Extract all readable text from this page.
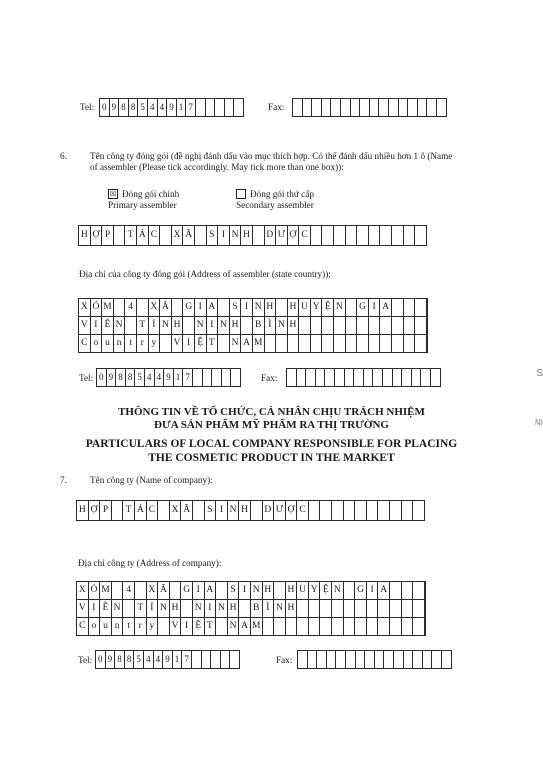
Tel: 0 9 8 8 5 4 4 9 1 7	Fax:
6.	Tên công ty đóng gói (đề nghị đánh dấu vào mục thích hợp. Có thể đánh dấu nhiều hơn 1 ô (Name
of assembler (Please tick accordingly. May tick more than one box)):
☒ Đóng gói chính
Primary assembler
Đóng gói thứ cấp
Secondary assembler
H Ợ P	T Á C	X Ã	S I N H	D Ư Ợ C
Địa chỉ của công ty đóng gói (Address of assembler (state country)):
X Ó M	4	X Ã	G I A	S I N H	H U Y Ệ N	G I A
V I Ễ N	T Ỉ N H	N I N H	B Ì N H
C o u n t r y	V I Ệ T	N A M
Tel: 0 9 8 8 5 4 4 9 1 7	Fax:
THÔNG TIN VỀ TỔ CHỨC, CÁ NHÂN CHỊU TRÁCH NHIỆM
ĐƯA SẢN PHẨM MỸ PHẨM RA THỊ TRƯỜNG
PARTICULARS OF LOCAL COMPANY RESPONSIBLE FOR PLACING
THE COSMETIC PRODUCT IN THE MARKET
7.	Tên công ty (Name of company):
H Ợ P	T Á C	X Ã	S I N H	D Ư Ợ C
Địa chỉ công ty (Address of company):
X Ó M	4	X Ã	G I A	S I N H	H U Y Ệ N	G I A
V I Ễ N	T Ỉ N H	N I N H	B Ì N H
C o u n t r y	V I Ệ T	N A M
Tel: 0 9 8 8 5 4 4 9 1 7	Fax:
S
NI
